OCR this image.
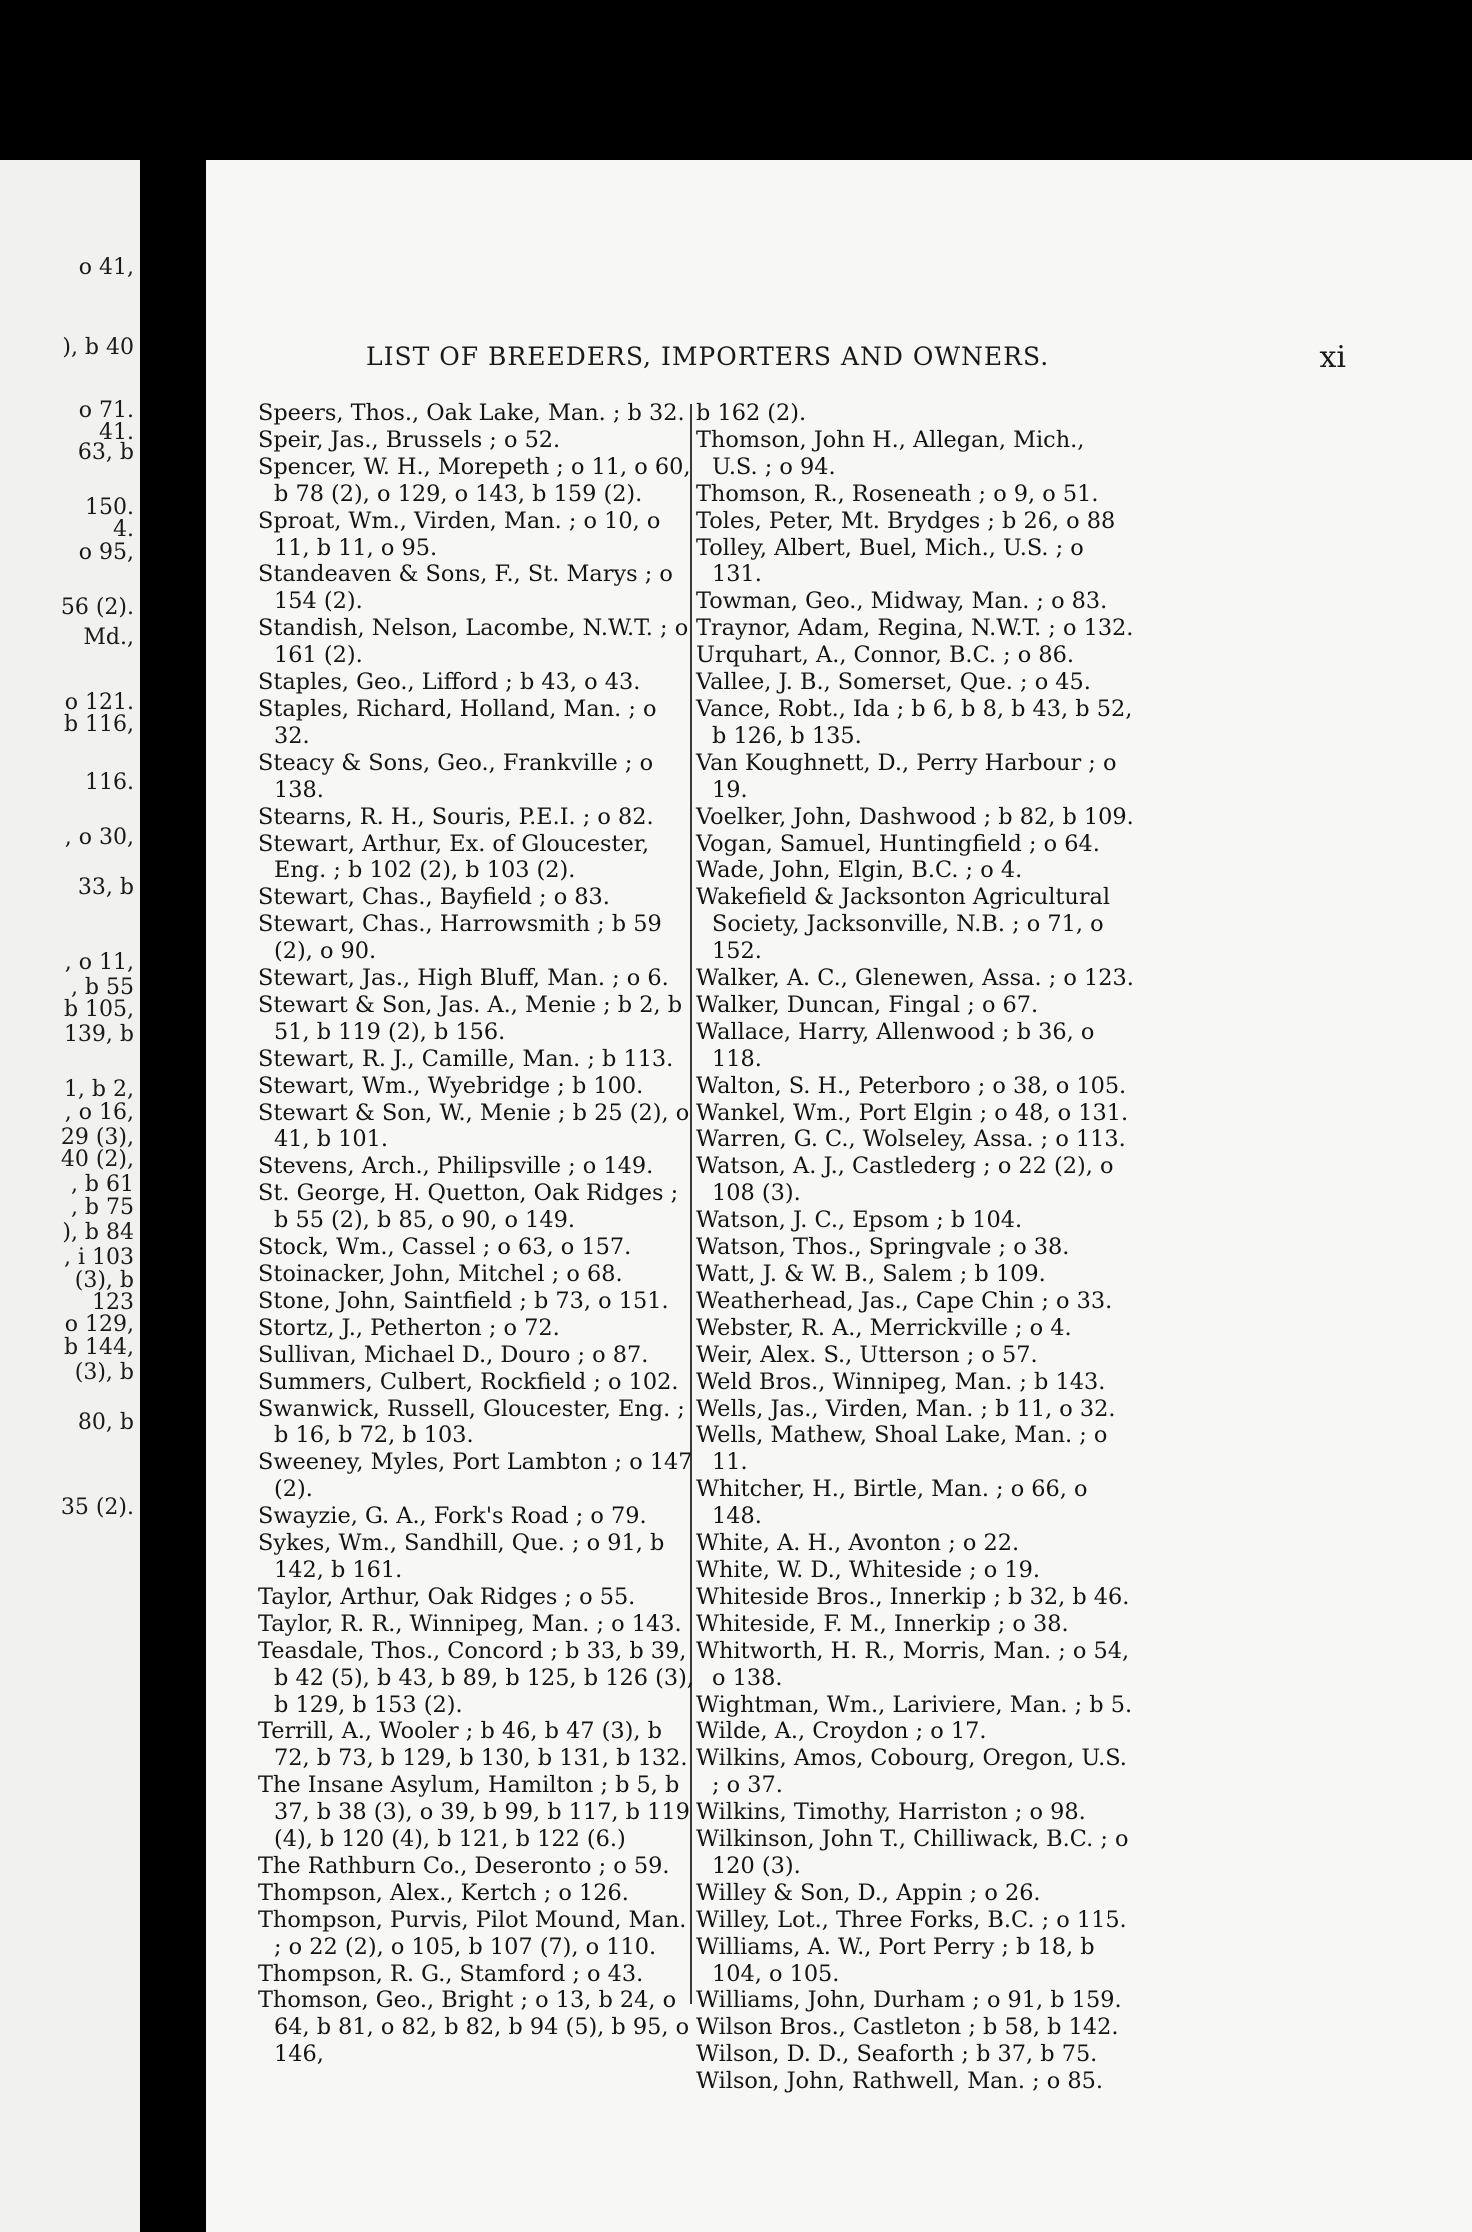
o 41,
), b 40
o 71.
41.
63, b
150.
4.
o 95,
56 (2).
Md.,
o 121.
b 116,
116.
, o 30,
33, b
, o 11,
, b 55
b 105,
139, b
1, b 2,
, o 16,
29 (3),
40 (2),
, b 61
, b 75
), b 84
, i 103
(3), b
123
o 129,
b 144,
(3), b
80, b
35 (2).
LIST OF BREEDERS, IMPORTERS AND OWNERS.	xi
Speers, Thos., Oak Lake, Man. ; b 32.
Speir, Jas., Brussels ; o 52.
Spencer, W. H., Morepeth ; o 11, o 60, b 78 (2), o 129, o 143, b 159 (2).
Sproat, Wm., Virden, Man. ; o 10, o 11, b 11, o 95.
Standeaven & Sons, F., St. Marys ; o 154 (2).
Standish, Nelson, Lacombe, N.W.T. ; o 161 (2).
Staples, Geo., Lifford ; b 43, o 43.
Staples, Richard, Holland, Man. ; o 32.
Steacy & Sons, Geo., Frankville ; o 138.
Stearns, R. H., Souris, P.E.I. ; o 82.
Stewart, Arthur, Ex. of Gloucester, Eng. ; b 102 (2), b 103 (2).
Stewart, Chas., Bayfield ; o 83.
Stewart, Chas., Harrowsmith ; b 59 (2), o 90.
Stewart, Jas., High Bluff, Man. ; o 6.
Stewart & Son, Jas. A., Menie ; b 2, b 51, b 119 (2), b 156.
Stewart, R. J., Camille, Man. ; b 113.
Stewart, Wm., Wyebridge ; b 100.
Stewart & Son, W., Menie ; b 25 (2), o 41, b 101.
Stevens, Arch., Philipsville ; o 149.
St. George, H. Quetton, Oak Ridges ; b 55 (2), b 85, o 90, o 149.
Stock, Wm., Cassel ; o 63, o 157.
Stoinacker, John, Mitchel ; o 68.
Stone, John, Saintfield ; b 73, o 151.
Stortz, J., Petherton ; o 72.
Sullivan, Michael D., Douro ; o 87.
Summers, Culbert, Rockfield ; o 102.
Swanwick, Russell, Gloucester, Eng. ; b 16, b 72, b 103.
Sweeney, Myles, Port Lambton ; o 147 (2).
Swayzie, G. A., Fork's Road ; o 79.
Sykes, Wm., Sandhill, Que. ; o 91, b 142, b 161.
Taylor, Arthur, Oak Ridges ; o 55.
Taylor, R. R., Winnipeg, Man. ; o 143.
Teasdale, Thos., Concord ; b 33, b 39, b 42 (5), b 43, b 89, b 125, b 126 (3), b 129, b 153 (2).
Terrill, A., Wooler ; b 46, b 47 (3), b 72, b 73, b 129, b 130, b 131, b 132.
The Insane Asylum, Hamilton ; b 5, b 37, b 38 (3), o 39, b 99, b 117, b 119 (4), b 120 (4), b 121, b 122 (6.)
The Rathburn Co., Deseronto ; o 59.
Thompson, Alex., Kertch ; o 126.
Thompson, Purvis, Pilot Mound, Man. ; o 22 (2), o 105, b 107 (7), o 110.
Thompson, R. G., Stamford ; o 43.
Thomson, Geo., Bright ; o 13, b 24, o 64, b 81, o 82, b 82, b 94 (5), b 95, o 146,
b 162 (2).
Thomson, John H., Allegan, Mich., U.S. ; o 94.
Thomson, R., Roseneath ; o 9, o 51.
Toles, Peter, Mt. Brydges ; b 26, o 88
Tolley, Albert, Buel, Mich., U.S. ; o 131.
Towman, Geo., Midway, Man. ; o 83.
Traynor, Adam, Regina, N.W.T. ; o 132.
Urquhart, A., Connor, B.C. ; o 86.
Vallee, J. B., Somerset, Que. ; o 45.
Vance, Robt., Ida ; b 6, b 8, b 43, b 52, b 126, b 135.
Van Koughnett, D., Perry Harbour ; o 19.
Voelker, John, Dashwood ; b 82, b 109.
Vogan, Samuel, Huntingfield ; o 64.
Wade, John, Elgin, B.C. ; o 4.
Wakefield & Jacksonton Agricultural Society, Jacksonville, N.B. ; o 71, o 152.
Walker, A. C., Glenewen, Assa. ; o 123.
Walker, Duncan, Fingal ; o 67.
Wallace, Harry, Allenwood ; b 36, o 118.
Walton, S. H., Peterboro ; o 38, o 105.
Wankel, Wm., Port Elgin ; o 48, o 131.
Warren, G. C., Wolseley, Assa. ; o 113.
Watson, A. J., Castlederg ; o 22 (2), o 108 (3).
Watson, J. C., Epsom ; b 104.
Watson, Thos., Springvale ; o 38.
Watt, J. & W. B., Salem ; b 109.
Weatherhead, Jas., Cape Chin ; o 33.
Webster, R. A., Merrickville ; o 4.
Weir, Alex. S., Utterson ; o 57.
Weld Bros., Winnipeg, Man. ; b 143.
Wells, Jas., Virden, Man. ; b 11, o 32.
Wells, Mathew, Shoal Lake, Man. ; o 11.
Whitcher, H., Birtle, Man. ; o 66, o 148.
White, A. H., Avonton ; o 22.
White, W. D., Whiteside ; o 19.
Whiteside Bros., Innerkip ; b 32, b 46.
Whiteside, F. M., Innerkip ; o 38.
Whitworth, H. R., Morris, Man. ; o 54, o 138.
Wightman, Wm., Lariviere, Man. ; b 5.
Wilde, A., Croydon ; o 17.
Wilkins, Amos, Cobourg, Oregon, U.S. ; o 37.
Wilkins, Timothy, Harriston ; o 98.
Wilkinson, John T., Chilliwack, B.C. ; o 120 (3).
Willey & Son, D., Appin ; o 26.
Willey, Lot., Three Forks, B.C. ; o 115.
Williams, A. W., Port Perry ; b 18, b 104, o 105.
Williams, John, Durham ; o 91, b 159.
Wilson Bros., Castleton ; b 58, b 142.
Wilson, D. D., Seaforth ; b 37, b 75.
Wilson, John, Rathwell, Man. ; o 85.
